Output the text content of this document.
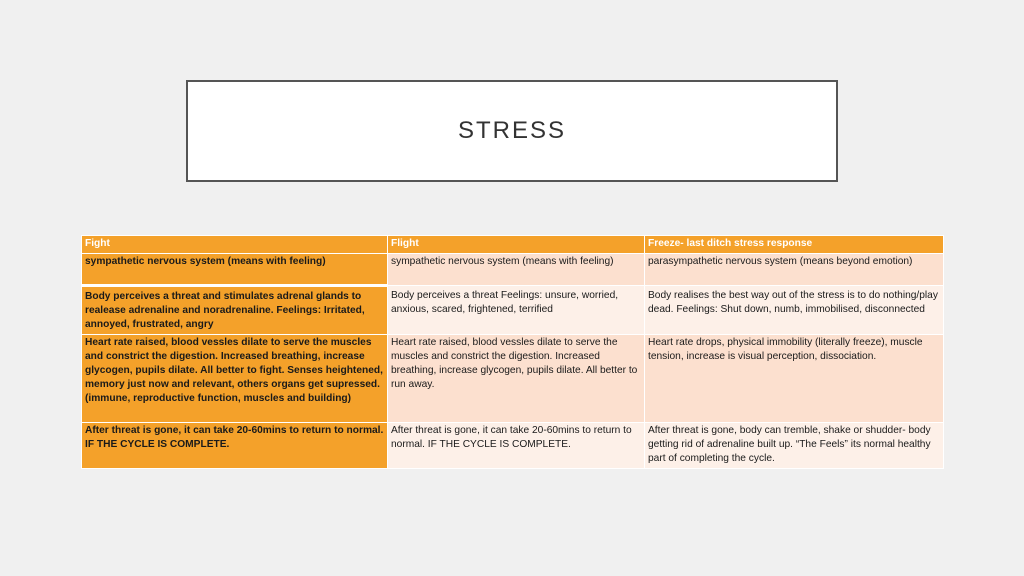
STRESS
Fight	Flight	Freeze- last ditch stress response
sympathetic nervous system (means with feeling)	sympathetic nervous system (means with feeling)	parasympathetic nervous system (means beyond emotion)
Body perceives a threat and stimulates adrenal glands to realease adrenaline and noradrenaline. Feelings: Irritated, annoyed, frustrated, angry	Body perceives a threat Feelings: unsure, worried, anxious, scared, frightened, terrified	Body realises the best way out of the stress is to do nothing/play dead. Feelings: Shut down, numb, immobilised, disconnected
Heart rate raised, blood vessles dilate to serve the muscles and constrict the digestion. Increased breathing, increase glycogen, pupils dilate. All better to fight. Senses heightened, memory just now and relevant, others organs get supressed. (immune, reproductive function, muscles and building)	Heart rate raised, blood vessles dilate to serve the muscles and constrict the digestion. Increased breathing, increase glycogen, pupils dilate. All better to run away.	Heart rate drops, physical immobility (literally freeze), muscle tension, increase is visual perception, dissociation.
After threat is gone, it can take 20-60mins to return to normal. IF THE CYCLE IS COMPLETE.	After threat is gone, it can take 20-60mins to return to normal. IF THE CYCLE IS COMPLETE.	After threat is gone, body can tremble, shake or shudder- body getting rid of adrenaline built up. “The Feels” its normal healthy part of completing the cycle.
